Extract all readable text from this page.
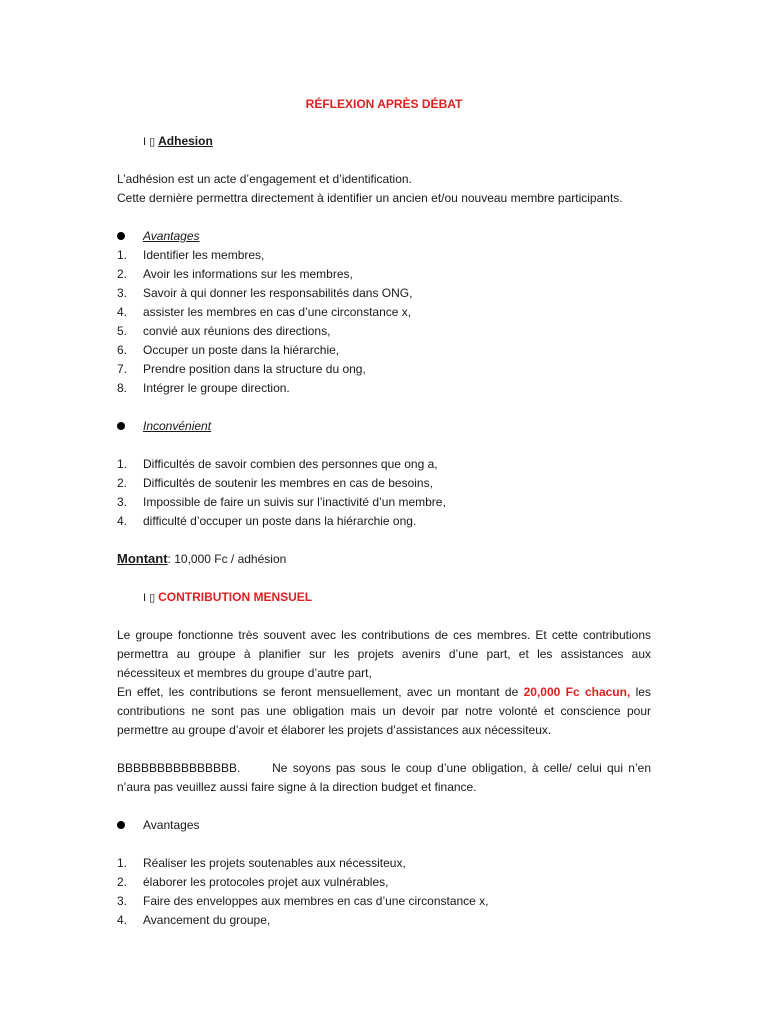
RÉFLEXION APRÈS DÉBAT
I ▯ Adhesion
L’adhésion est un acte d’engagement et d’identification.
Cette dernière permettra directement à identifier un ancien et/ou nouveau membre participants.
Avantages
1. Identifier les membres,
2. Avoir les informations sur les membres,
3. Savoir à qui donner les responsabilités dans ONG,
4. assister les membres en cas d’une circonstance x,
5. convié aux réunions des directions,
6. Occuper un poste dans la hiérarchie,
7. Prendre position dans la structure du ong,
8. Intégrer le groupe direction.
Inconvénient
1. Difficultés de savoir combien des personnes que ong a,
2. Difficultés de soutenir les membres en cas de besoins,
3. Impossible de faire un suivis sur l’inactivité d’un membre,
4. difficulté d’occuper un poste dans la hiérarchie ong.
Montant: 10,000 Fc / adhésion
I ▯ CONTRIBUTION MENSUEL
Le groupe fonctionne très souvent avec les contributions de ces membres. Et cette contributions
permettra au groupe à planifier sur les projets avenirs d’une part, et les assistances aux
nécessiteux et membres du groupe d’autre part,
En effet, les contributions se feront mensuellement, avec un montant de 20,000 Fc chacun, les
contributions ne sont pas une obligation mais un devoir par notre volonté et conscience pour
permettre au groupe d’avoir et élaborer les projets d’assistances aux nécessiteux.
BBBBBBBBBBBBBBB.      Ne soyons pas sous le coup d’une obligation, à celle/ celui qui n’en
n’aura pas veuillez aussi faire signe à la direction budget et finance.
Avantages
1. Réaliser les projets soutenables aux nécessiteux,
2. élaborer les protocoles projet aux vulnérables,
3. Faire des enveloppes aux membres en cas d’une circonstance x,
4. Avancement du groupe,
